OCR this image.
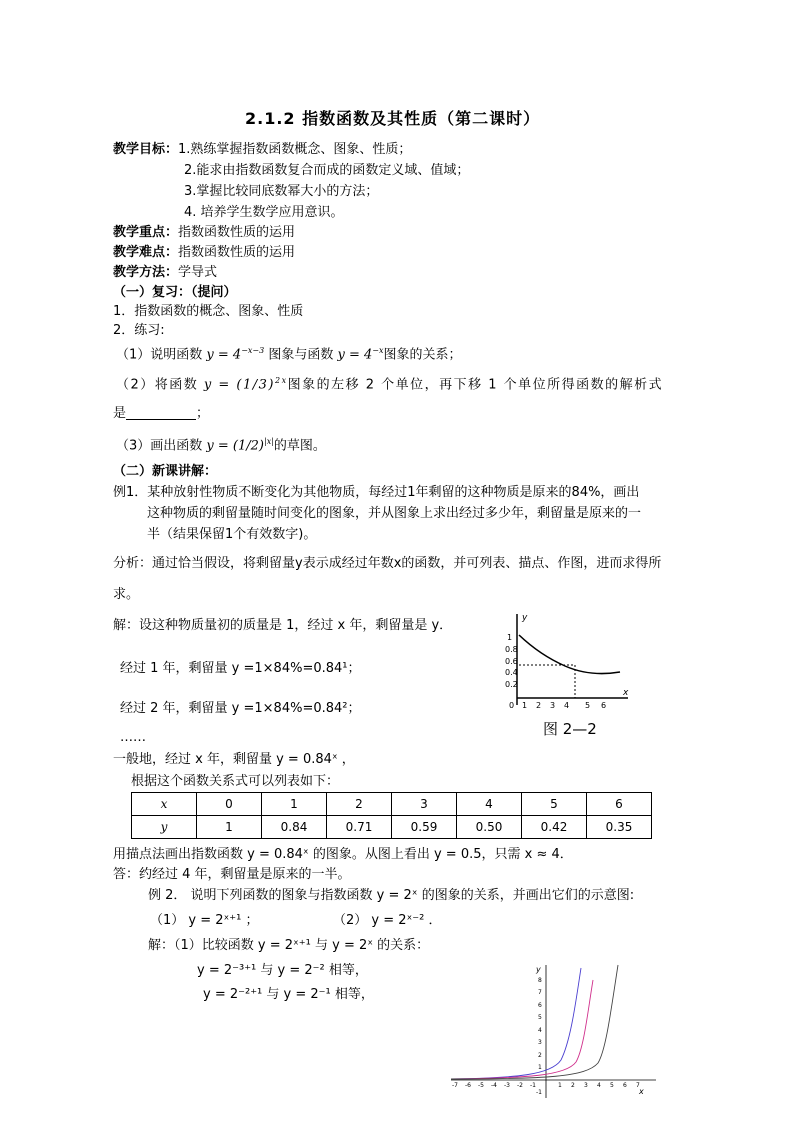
2.1.2 指数函数及其性质（第二课时）
教学目标：1.熟练掌握指数函数概念、图象、性质；
2.能求由指数函数复合而成的函数定义域、值域；
3.掌握比较同底数幂大小的方法；
4. 培养学生数学应用意识。
教学重点：指数函数性质的运用
教学难点：指数函数性质的运用
教学方法：学导式
（一）复习：（提问）
1．指数函数的概念、图象、性质
2．练习:
（1）说明函数 $y = 4^{-x-3}$ 图象与函数 $y = 4^{-x}$图象的关系；
（2）将函数 $y = (1/3)^{2x}$图象的左移 2 个单位，再下移 1 个单位所得函数的解析式
是	；
（3）画出函数 $y = (1/2)^{|x|}$的草图。
（二）新课讲解：
例1．某种放射性物质不断变化为其他物质，每经过1年剩留的这种物质是原来的84%，画出
这种物质的剩留量随时间变化的图象，并从图象上求出经过多少年，剩留量是原来的一
半（结果保留1个有效数字)。
分析：通过恰当假设，将剩留量y表示成经过年数x的函数，并可列表、描点、作图，进而求得所
求。
解：设这种物质量初的质量是 1，经过 x 年，剩留量是 y．
经过 1 年，剩留量 y =1×84%=0.84¹；
经过 2 年，剩留量 y =1×84%=0.84²；
……
一般地，经过 x 年，剩留量 y = 0.84ˣ ，
根据这个函数关系式可以列表如下：
y
x
1
0.8
0.6
0.4
0.2
0 1 2 3 4 5 6
图 2—2
x	0	1	2	3	4	5	6
y	1	0.84	0.71	0.59	0.50	0.42	0.35
用描点法画出指数函数 y = 0.84ˣ 的图象。从图上看出 y = 0.5，只需 x ≈ 4．
答：约经过 4 年，剩留量是原来的一半。
例 2． 说明下列函数的图象与指数函数 y = 2ˣ 的图象的关系，并画出它们的示意图:
（1） y = 2ˣ⁺¹ ；	（2） y = 2ˣ⁻² ．
解：（1）比较函数 y = 2ˣ⁺¹ 与 y = 2ˣ 的关系：
y = 2⁻³⁺¹ 与 y = 2⁻² 相等，
y = 2⁻²⁺¹ 与 y = 2⁻¹ 相等，
y
x
8
7
6
5
4
3
2
1
-1
-7 -6 -5 -4 -3 -2 -1	1 2 3 4 5 6 7
